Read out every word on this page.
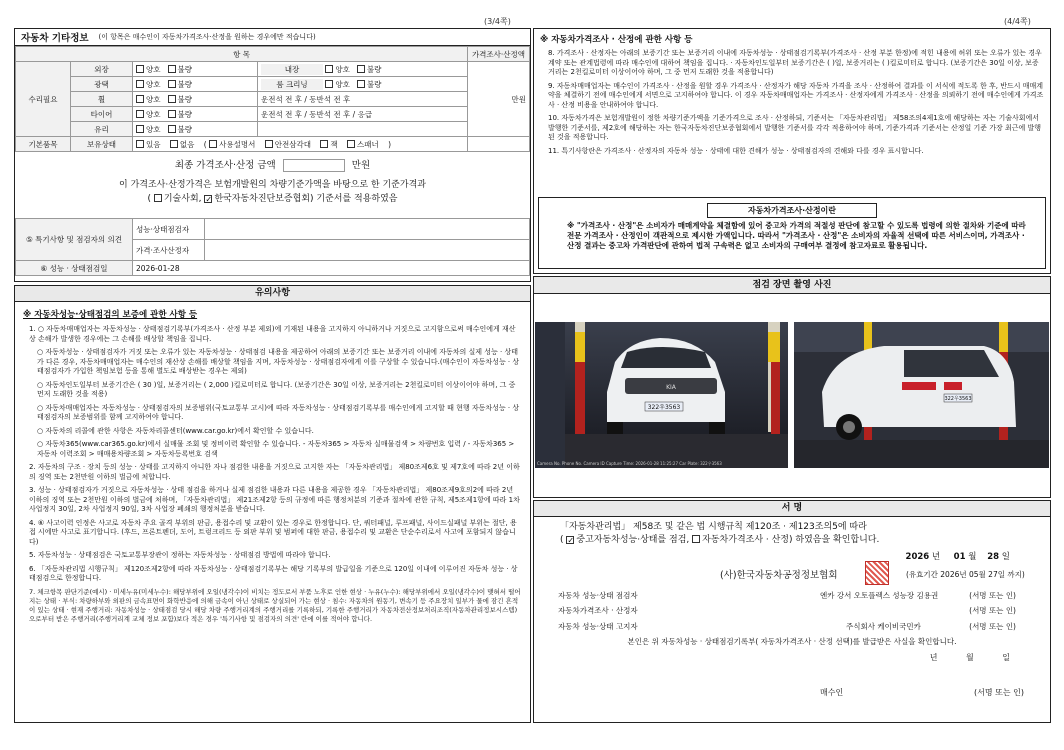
(3/4쪽)	(4/4쪽)
자동차 기타정보 (이 항목은 매수인이 자동차가격조사·산정을 원하는 경우에만 적습니다)
항 목				가격조사·산정액
수리필요	외장	양호 불량	내장 양호 불량	만원
	광택	양호 불량	룸 크리닝 양호 불량	
	휠	양호 불량	운전석 전 후 / 동반석 전 후	
	타이어	양호 불량	운전석 전 후 / 동반석 전 후 / 응급	
	유리	양호 불량		
기본품목	보유상태	있음 없음 ( 사용설명서 안전삼각대 잭 스패너 )		
최종 가격조사·산정 금액	만원
이 가격조사·산정가격은 보험개발원의 차량기준가액을 바탕으로 한 기준가격과
( 기술사회, ✓ 한국자동차진단보증협회) 기준서를 적용하였음
⑤ 특기사항 및 점검자의 의견	성능·상태점검자	
	가격·조사산정자	
⑥ 성능 · 상태점검일	2026-01-28	
유의사항
※ 자동차성능·상태점검의 보증에 관한 사항 등
1. ○ 자동차매매업자는 자동차성능 · 상태점검기록부(가격조사 · 산정 부분 제외)에 기재된 내용을 고지하지 아니하거나 거짓으로 고지함으로써 매수인에게 재산상 손해가 발생한 경우에는 그 손해를 배상할 책임을 집니다.
○ 자동차성능 · 상태점검자가 거짓 또는 오류가 있는 자동차성능 · 상태점검 내용을 제공하여 아래의 보증기간 또는 보증거리 이내에 자동차의 실제 성능 · 상태가 다른 경우, 자동차매매업자는 매수인의 재산상 손해를 배상할 책임을 지며, 자동차성능 · 상태점검자에게 이를 구상할 수 있습니다.(매수인이 자동차성능 · 상태점검자가 가입한 책임보험 등을 통해 별도로 배상받는 경우는 제외)
○ 자동차인도일부터 보증기간은 ( 30 )일, 보증거리는 ( 2,000 )킬로미터로 합니다. (보증기간은 30일 이상, 보증거리는 2천킬로미터 이상이어야 하며, 그 중 먼저 도래한 것을 적용)
○ 자동차매매업자는 자동차성능 · 상태점검자의 보증범위(국토교통부 고시)에 따라 자동차성능 · 상태점검기록부를 매수인에게 고지할 때 현행 자동차성능 · 상태점검자의 보증범위를 함께 고지하여야 합니다.
○ 자동차의 리콜에 관한 사항은 자동차리콜센터(www.car.go.kr)에서 확인할 수 있습니다.
○ 자동차365(www.car365.go.kr)에서 실매물 조회 및 정비이력 확인할 수 있습니다. - 자동차365 > 자동차 실매물검색 > 차량번호 입력 / - 자동차365 > 자동차 이력조회 > 매매용차량조회 > 자동차등록번호 검색
2. 자동차의 구조 · 장치 등의 성능 · 상태를 고지하지 아니한 자나 점검한 내용을 거짓으로 고지한 자는 「자동차관리법」 제80조제6호 및 제7호에 따라 2년 이하의 징역 또는 2천만원 이하의 벌금에 처합니다.
3. 성능 · 상태점검자가 거짓으로 자동차성능 · 상태 점검을 하거나 실제 점검한 내용과 다른 내용을 제공한 경우 「자동차관리법」 제80조제9호의2에 따라 2년 이하의 징역 또는 2천만원 이하의 벌금에 처하며, 「자동차관리법」 제21조제2항 등의 규정에 따른 행정처분의 기준과 절차에 관한 규칙, 제5조제1항에 따라 1차 사업정지 30일, 2차 사업정지 90일, 3차 사업장 폐쇄의 행정처분을 받습니다.
4. ⑥ 사고이력 인정은 사고로 자동차 주요 골격 부위의 판금, 용접수리 및 교환이 있는 경우로 한정합니다. 단, 쿼터패널, 루프패널, 사이드실패널 부위는 절단, 용접 시에만 사고로 표기합니다. (후드, 프론트펜더, 도어, 트렁크리드 등 외판 부위 및 범퍼에 대한 판금, 용접수리 및 교환은 단순수리로서 사고에 포함되지 않습니다)
5. 자동차성능 · 상태점검은 국토교통부장관이 정하는 자동차성능 · 상태점검 방법에 따라야 합니다.
6. 「자동차관리법 시행규칙」 제120조제2항에 따라 자동차성능 · 상태점검기록부는 해당 기록부의 발급일을 기준으로 120일 이내에 이루어진 자동차 성능 · 상태점검으로 한정합니다.
7. 체크항목 판단기준(예시) · 미세누유(미세누수): 해당부위에 오일(냉각수)이 비치는 정도로서 부품 노후로 인한 현상 · 누유(누수): 해당부위에서 오일(냉각수)이 맺혀서 떨어지는 상태 · 부식: 차량하부와 외판의 금속표면이 화학반응에 의해 금속이 아닌 상태로 상실되어 가는 현상 · 침수: 자동차의 원동기, 변속기 등 주요장치 일부가 물에 잠긴 흔적이 있는 상태 · 현재 주행거리: 자동차성능 · 상태점검 당시 해당 차량 주행거리계의 주행거리를 기록하되, 기록한 주행거리가 자동차전산정보처리조직(자동차관리정보시스템)으로부터 받은 주행거리(주행거리계 교체 정보 포함)보다 적은 경우 '특기사항 및 점검자의 의견' 란에 이를 적어야 합니다.
※ 자동차가격조사 · 산정에 관한 사항 등
8. 가격조사 · 산정자는 아래의 보증기간 또는 보증거리 이내에 자동차성능 · 상태점검기록부(가격조사 · 산정 부분 한정)에 적힌 내용에 허위 또는 오류가 있는 경우 계약 또는 관계법령에 따라 매수인에 대하여 책임을 집니다. · 자동차인도일부터 보증기간은 ( )일, 보증거리는 ( )킬로미터로 합니다. (보증기간은 30일 이상, 보증거리는 2천킬로미터 이상이어야 하며, 그 중 먼저 도래한 것을 적용합니다)
9. 자동차매매업자는 매수인이 가격조사 · 산정을 원할 경우 가격조사 · 산정자가 해당 자동차 가격을 조사 · 산정하여 결과를 이 서식에 적도록 한 후, 반드시 매매계약을 체결하기 전에 매수인에게 서면으로 고지하여야 합니다. 이 경우 자동차매매업자는 가격조사 · 산정자에게 가격조사 · 산정을 의뢰하기 전에 매수인에게 가격조사 · 산정 비용을 안내하여야 합니다.
10. 자동차가격은 보험개발원이 정한 차량기준가액을 기준가격으로 조사 · 산정하되, 기준서는 「자동차관리법」 제58조의4제1호에 해당하는 자는 기술사회에서 발행한 기준서를, 제2호에 해당하는 자는 한국자동차진단보증협회에서 발행한 기준서를 각각 적용하여야 하며, 기준가격과 기준서는 산정일 기준 가장 최근에 발행된 것을 적용합니다.
11. 특기사항란은 가격조사 · 산정자의 자동차 성능 · 상태에 대한 견해가 성능 · 상태점검자의 견해와 다를 경우 표시합니다.
자동차가격조사·산정이란
※ "가격조사 · 산정"은 소비자가 매매계약을 체결함에 있어 중고차 가격의 적절성 판단에 참고할 수 있도록 법령에 의한 절차와 기준에 따라 전문 가격조사 · 산정인이 객관적으로 제시한 가액입니다. 따라서 "가격조사 · 산정"은 소비자의 자율적 선택에 따른 서비스이며, 가격조사 · 산정 결과는 중고차 가격판단에 관하여 법적 구속력은 없고 소비자의 구매여부 결정에 참고자료로 활용됩니다.
점검 장면 촬영 사진
KIA
322우3563
Camera No. Phone No. Camera ID Capture Time: 2026-01-28 11:25:27 Car Plate: 322우3563
322우3563
서 명
「자동차관리법」 제58조 및 같은 법 시행규칙 제120조 · 제123조의5에 따라
( ✓중고자동차성능·상태를 점검, 자동차가격조사 · 산정) 하였음을 확인합니다.
2026 년 01 월 28 일
(사)한국자동차공정정보협회	(유효기간 2026년 05월 27일 까지)
자동차 성능·상태 점검자	엔카 강서 오토플렉스 성능장 김용권	(서명 또는 인)
자동차가격조사 · 산정자	(서명 또는 인)
자동차 성능·상태 고지자	주식회사 케이비국민카	(서명 또는 인)
본인은 위 자동차성능 · 상태점검기록부( 자동차가격조사 · 산정 선택)를 발급받은 사실을 확인합니다.
년	월	일
매수인	(서명 또는 인)
